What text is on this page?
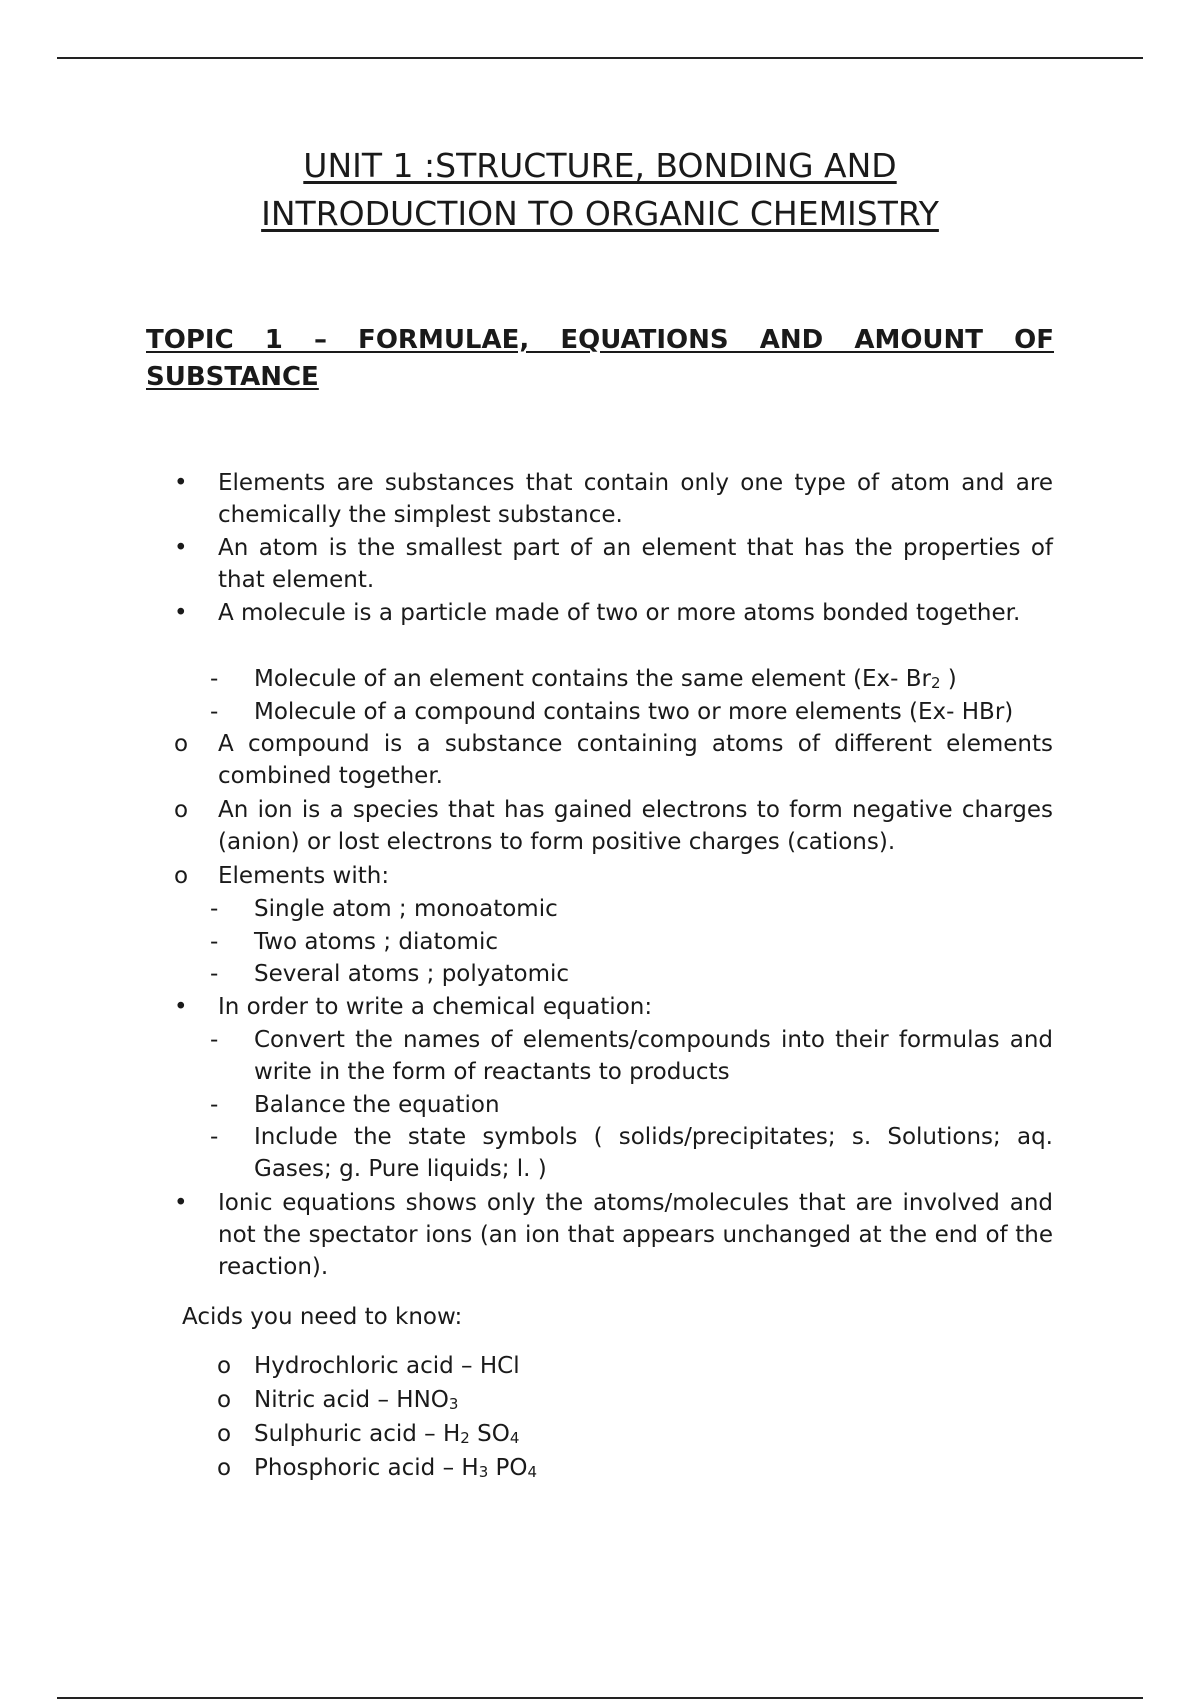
UNIT 1 :STRUCTURE, BONDING AND
INTRODUCTION TO ORGANIC CHEMISTRY
TOPIC 1 – FORMULAE, EQUATIONS AND AMOUNT OF SUBSTANCE
• Elements are substances that contain only one type of atom and are chemically the simplest substance.
• An atom is the smallest part of an element that has the properties of that element.
• A molecule is a particle made of two or more atoms bonded together.
-	Molecule of an element contains the same element (Ex- Br2 )
-	Molecule of a compound contains two or more elements (Ex- HBr)
o A compound is a substance containing atoms of different elements combined together.
o An ion is a species that has gained electrons to form negative charges (anion) or lost electrons to form positive charges (cations).
o Elements with:
-	Single atom ; monoatomic
-	Two atoms ; diatomic
-	Several atoms ; polyatomic
• In order to write a chemical equation:
-	Convert the names of elements/compounds into their formulas and write in the form of reactants to products
-	Balance the equation
-	Include the state symbols ( solids/precipitates; s. Solutions; aq. Gases; g. Pure liquids; l. )
• Ionic equations shows only the atoms/molecules that are involved and not the spectator ions (an ion that appears unchanged at the end of the reaction).
Acids you need to know:
o Hydrochloric acid – HCl
o Nitric acid – HNO3
o Sulphuric acid – H2 SO4
o Phosphoric acid – H3 PO4
